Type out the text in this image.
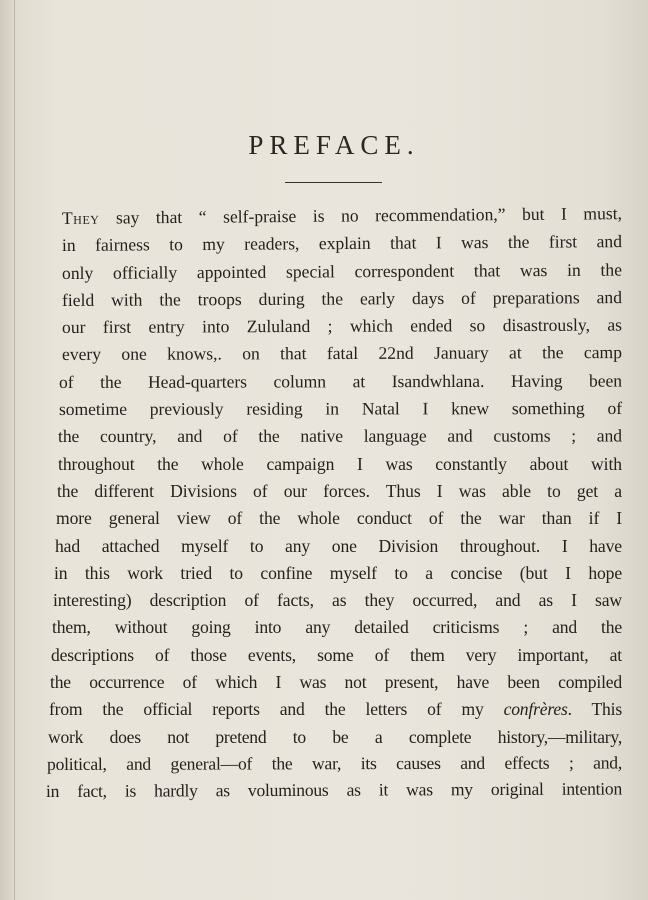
PREFACE.
They say that “ self-praise is no recommendation,” but I must,
in fairness to my readers, explain that I was the first and
only officially appointed special correspondent that was in the
field with the troops during the early days of preparations and
our first entry into Zululand ; which ended so disastrously, as
every one knows,. on that fatal 22nd January at the camp
of the Head-quarters column at Isandwhlana. Having been
sometime previously residing in Natal I knew something of
the country, and of the native language and customs ; and
throughout the whole campaign I was constantly about with
the different Divisions of our forces. Thus I was able to get a
more general view of the whole conduct of the war than if I
had attached myself to any one Division throughout. I have
in this work tried to confine myself to a concise (but I hope
interesting) description of facts, as they occurred, and as I saw
them, without going into any detailed criticisms ; and the
descriptions of those events, some of them very important, at
the occurrence of which I was not present, have been compiled
from the official reports and the letters of my confrères. This
work does not pretend to be a complete history,—military,
political, and general—of the war, its causes and effects ; and,
in fact, is hardly as voluminous as it was my original intention
